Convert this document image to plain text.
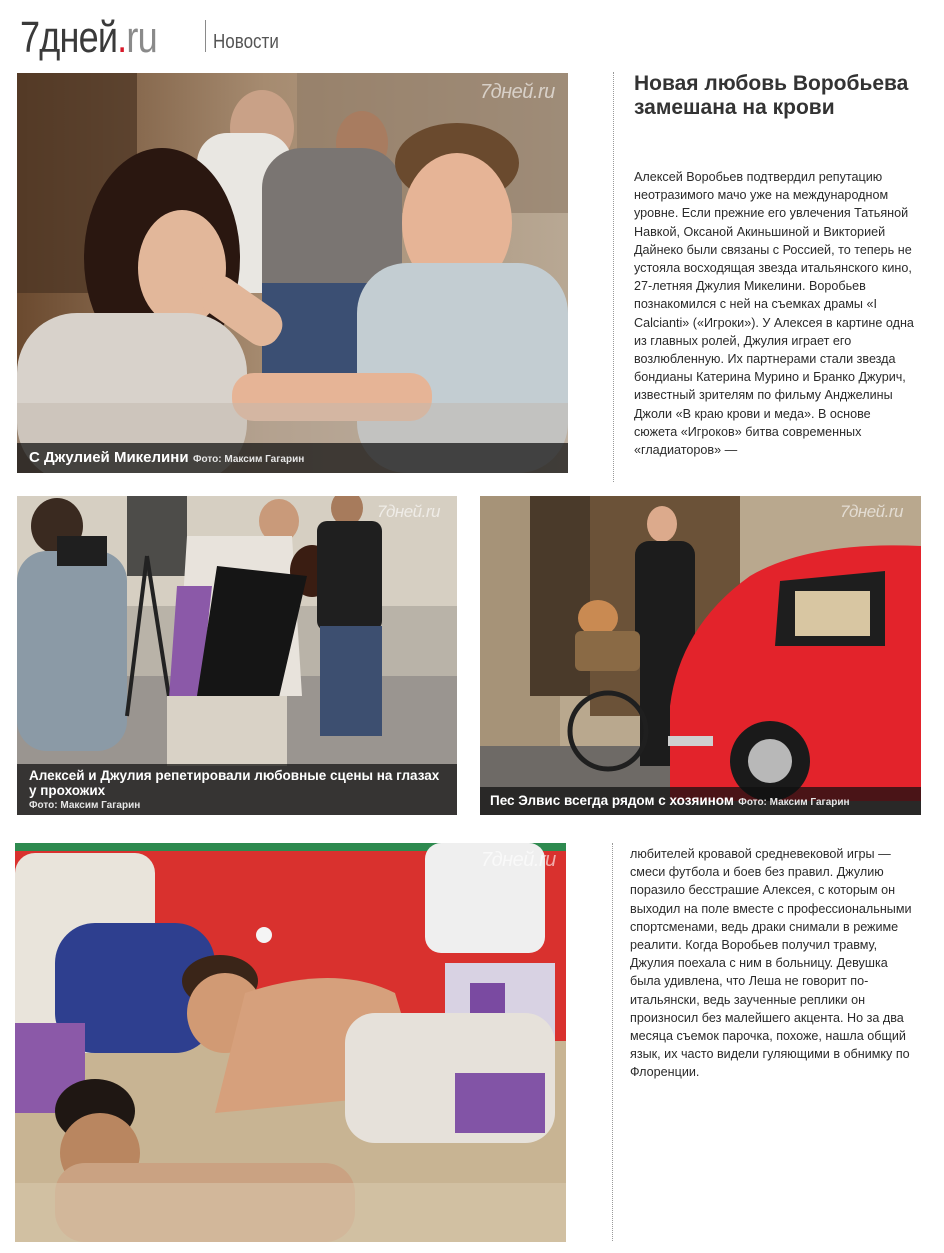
7дней.ru	Новости
7дней.ru
С Джулией Микелини Фото: Максим Гагарин
7дней.ru
Алексей и Джулия репетировали любовные сцены на глазах у прохожих
Фото: Максим Гагарин
7дней.ru
Пес Элвис всегда рядом с хозяином Фото: Максим Гагарин
7дней.ru
Новая любовь Воробьева замешана на крови

Алексей Воробьев подтвердил репутацию неотразимого мачо уже на международном уровне. Если прежние его увлечения Татьяной Навкой, Оксаной Акиньшиной и Викторией Дайнеко были связаны с Россией, то теперь не устояла восходящая звезда итальянского кино, 27-летняя Джулия Микелини. Воробьев познакомился с ней на съемках драмы «I Calcianti» («Игроки»). У Алексея в картине одна из главных ролей, Джулия играет его возлюбленную. Их партнерами стали звезда бондианы Катерина Мурино и Бранко Джурич, известный зрителям по фильму Анджелины Джоли «В краю крови и меда». В основе сюжета «Игроков» битва современных «гладиаторов» —

любителей кровавой средневековой игры — смеси футбола и боев без правил. Джулию поразило бесстрашие Алексея, с которым он выходил на поле вместе с профессиональными спортсменами, ведь драки снимали в режиме реалити. Когда Воробьев получил травму, Джулия поехала с ним в больницу. Девушка была удивлена, что Леша не говорит по-итальянски, ведь заученные реплики он произносил без малейшего акцента. Но за два месяца съемок парочка, похоже, нашла общий язык, их часто видели гуляющими в обнимку по Флоренции.
